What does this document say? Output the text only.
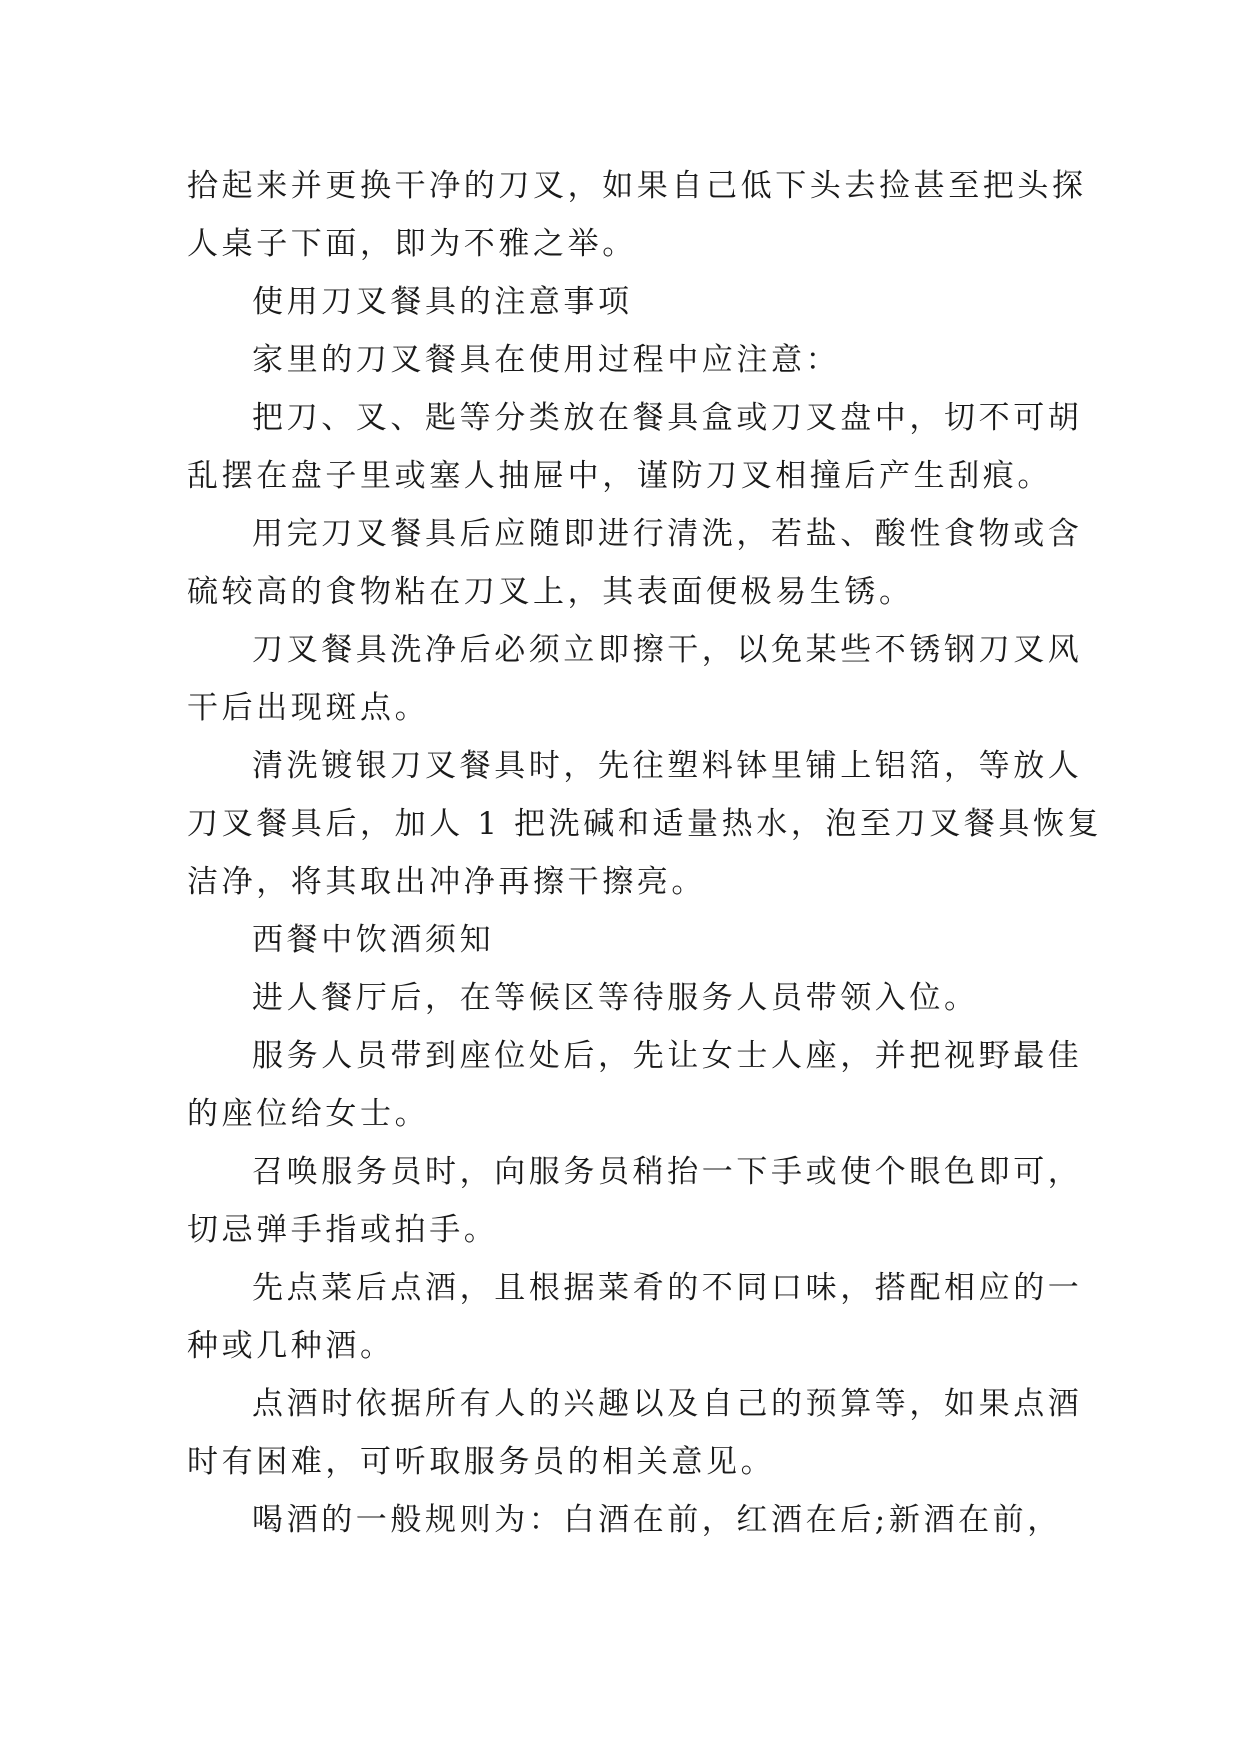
拾起来并更换干净的刀叉，如果自己低下头去捡甚至把头探
人桌子下面，即为不雅之举。
使用刀叉餐具的注意事项
家里的刀叉餐具在使用过程中应注意：
把刀、叉、匙等分类放在餐具盒或刀叉盘中，切不可胡
乱摆在盘子里或塞人抽屉中，谨防刀叉相撞后产生刮痕。
用完刀叉餐具后应随即进行清洗，若盐、酸性食物或含
硫较高的食物粘在刀叉上，其表面便极易生锈。
刀叉餐具洗净后必须立即擦干，以免某些不锈钢刀叉风
干后出现斑点。
清洗镀银刀叉餐具时，先往塑料钵里铺上铝箔，等放人
刀叉餐具后，加人 1 把洗碱和适量热水，泡至刀叉餐具恢复
洁净，将其取出冲净再擦干擦亮。
西餐中饮酒须知
进人餐厅后，在等候区等待服务人员带领入位。
服务人员带到座位处后，先让女士人座，并把视野最佳
的座位给女士。
召唤服务员时，向服务员稍抬一下手或使个眼色即可，
切忌弹手指或拍手。
先点菜后点酒，且根据菜肴的不同口味，搭配相应的一
种或几种酒。
点酒时依据所有人的兴趣以及自己的预算等，如果点酒
时有困难，可听取服务员的相关意见。
喝酒的一般规则为：白酒在前，红酒在后;新酒在前，
